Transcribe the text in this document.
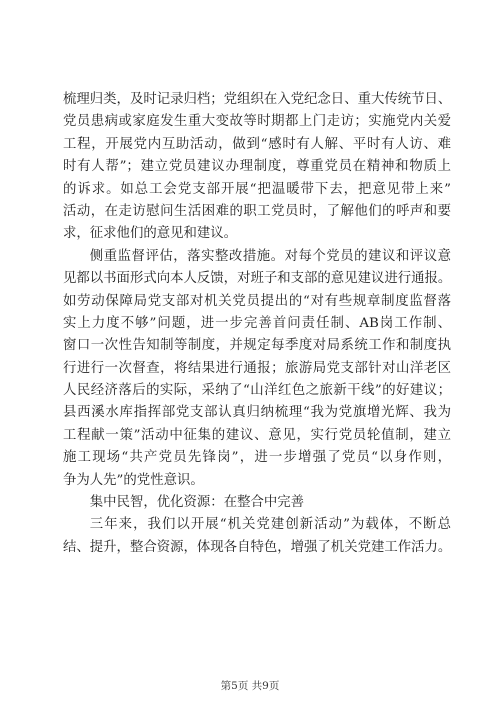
梳理归类，及时记录归档；党组织在入党纪念日、重大传统节日、
党员患病或家庭发生重大变故等时期都上门走访；实施党内关爱
工程，开展党内互助活动，做到“感时有人解、平时有人访、难
时有人帮”；建立党员建议办理制度，尊重党员在精神和物质上
的诉求。如总工会党支部开展“把温暖带下去，把意见带上来”
活动，在走访慰问生活困难的职工党员时，了解他们的呼声和要
求，征求他们的意见和建议。
侧重监督评估，落实整改措施。对每个党员的建议和评议意
见都以书面形式向本人反馈，对班子和支部的意见建议进行通报。
如劳动保障局党支部对机关党员提出的“对有些规章制度监督落
实上力度不够”问题，进一步完善首问责任制、AB岗工作制、
窗口一次性告知制等制度，并规定每季度对局系统工作和制度执
行进行一次督查，将结果进行通报；旅游局党支部针对山洋老区
人民经济落后的实际，采纳了“山洋红色之旅新干线”的好建议；
县西溪水库指挥部党支部认真归纳梳理“我为党旗增光辉、我为
工程献一策”活动中征集的建议、意见，实行党员轮值制，建立
施工现场“共产党员先锋岗”，进一步增强了党员“以身作则，
争为人先”的党性意识。
集中民智，优化资源：在整合中完善
三年来，我们以开展“机关党建创新活动”为载体，不断总
结、提升，整合资源，体现各自特色，增强了机关党建工作活力。
第5页 共9页
